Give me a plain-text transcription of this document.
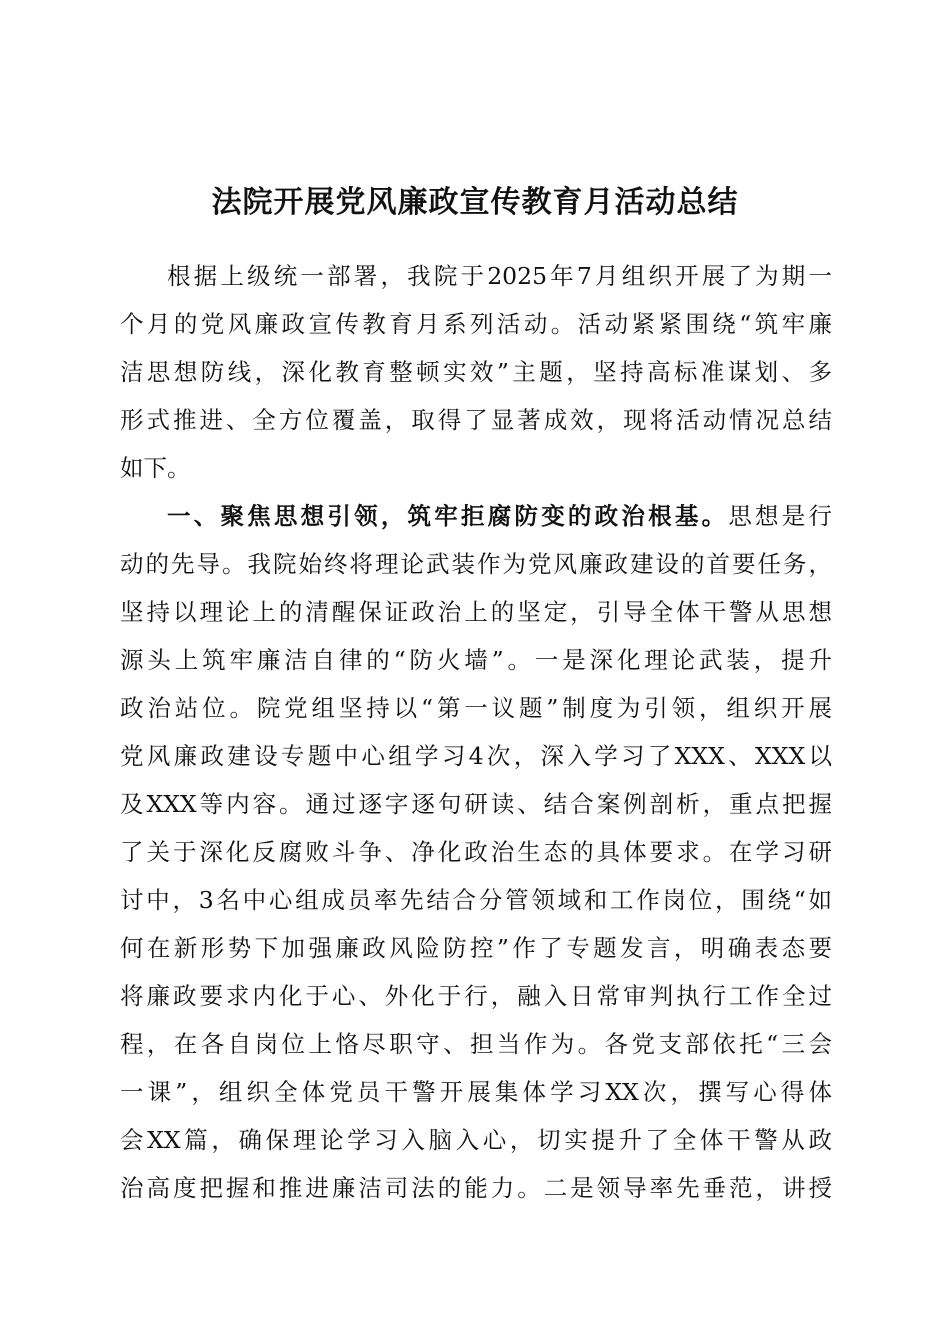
法院开展党风廉政宣传教育月活动总结
根据上级统一部署，我院于2025年7月组织开展了为期一
个月的党风廉政宣传教育月系列活动。活动紧紧围绕“筑牢廉
洁思想防线，深化教育整顿实效”主题，坚持高标准谋划、多
形式推进、全方位覆盖，取得了显著成效，现将活动情况总结
如下。
一、聚焦思想引领，筑牢拒腐防变的政治根基。思想是行
动的先导。我院始终将理论武装作为党风廉政建设的首要任务，
坚持以理论上的清醒保证政治上的坚定，引导全体干警从思想
源头上筑牢廉洁自律的“防火墙”。一是深化理论武装，提升
政治站位。院党组坚持以“第一议题”制度为引领，组织开展
党风廉政建设专题中心组学习4次，深入学习了XXX、XXX以
及XXX等内容。通过逐字逐句研读、结合案例剖析，重点把握
了关于深化反腐败斗争、净化政治生态的具体要求。在学习研
讨中，3名中心组成员率先结合分管领域和工作岗位，围绕“如
何在新形势下加强廉政风险防控”作了专题发言，明确表态要
将廉政要求内化于心、外化于行，融入日常审判执行工作全过
程，在各自岗位上恪尽职守、担当作为。各党支部依托“三会
一课”，组织全体党员干警开展集体学习XX次，撰写心得体
会XX篇，确保理论学习入脑入心，切实提升了全体干警从政
治高度把握和推进廉洁司法的能力。二是领导率先垂范，讲授
